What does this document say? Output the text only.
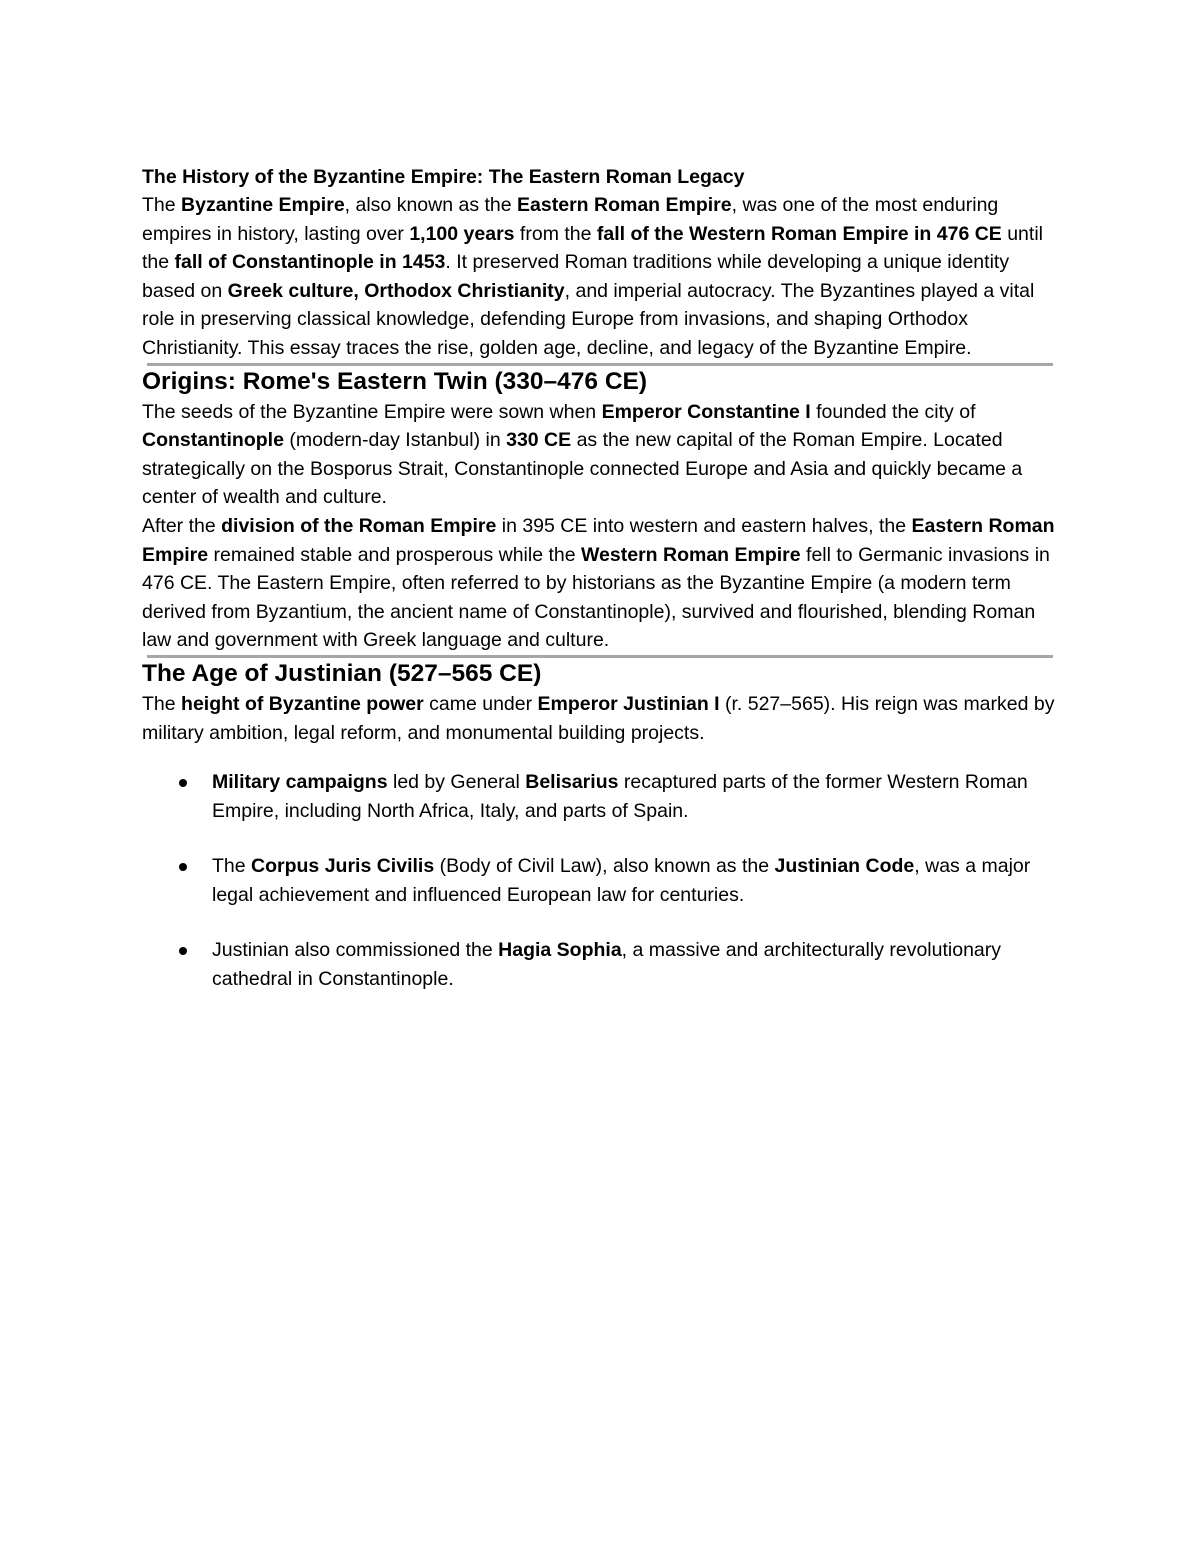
The History of the Byzantine Empire: The Eastern Roman Legacy

The Byzantine Empire, also known as the Eastern Roman Empire, was one of the most enduring empires in history, lasting over 1,100 years from the fall of the Western Roman Empire in 476 CE until the fall of Constantinople in 1453. It preserved Roman traditions while developing a unique identity based on Greek culture, Orthodox Christianity, and imperial autocracy. The Byzantines played a vital role in preserving classical knowledge, defending Europe from invasions, and shaping Orthodox Christianity. This essay traces the rise, golden age, decline, and legacy of the Byzantine Empire.

Origins: Rome's Eastern Twin (330–476 CE)

The seeds of the Byzantine Empire were sown when Emperor Constantine I founded the city of Constantinople (modern-day Istanbul) in 330 CE as the new capital of the Roman Empire. Located strategically on the Bosporus Strait, Constantinople connected Europe and Asia and quickly became a center of wealth and culture.

After the division of the Roman Empire in 395 CE into western and eastern halves, the Eastern Roman Empire remained stable and prosperous while the Western Roman Empire fell to Germanic invasions in 476 CE. The Eastern Empire, often referred to by historians as the Byzantine Empire (a modern term derived from Byzantium, the ancient name of Constantinople), survived and flourished, blending Roman law and government with Greek language and culture.

The Age of Justinian (527–565 CE)

The height of Byzantine power came under Emperor Justinian I (r. 527–565). His reign was marked by military ambition, legal reform, and monumental building projects.

Military campaigns led by General Belisarius recaptured parts of the former Western Roman Empire, including North Africa, Italy, and parts of Spain.
The Corpus Juris Civilis (Body of Civil Law), also known as the Justinian Code, was a major legal achievement and influenced European law for centuries.
Justinian also commissioned the Hagia Sophia, a massive and architecturally revolutionary cathedral in Constantinople.
